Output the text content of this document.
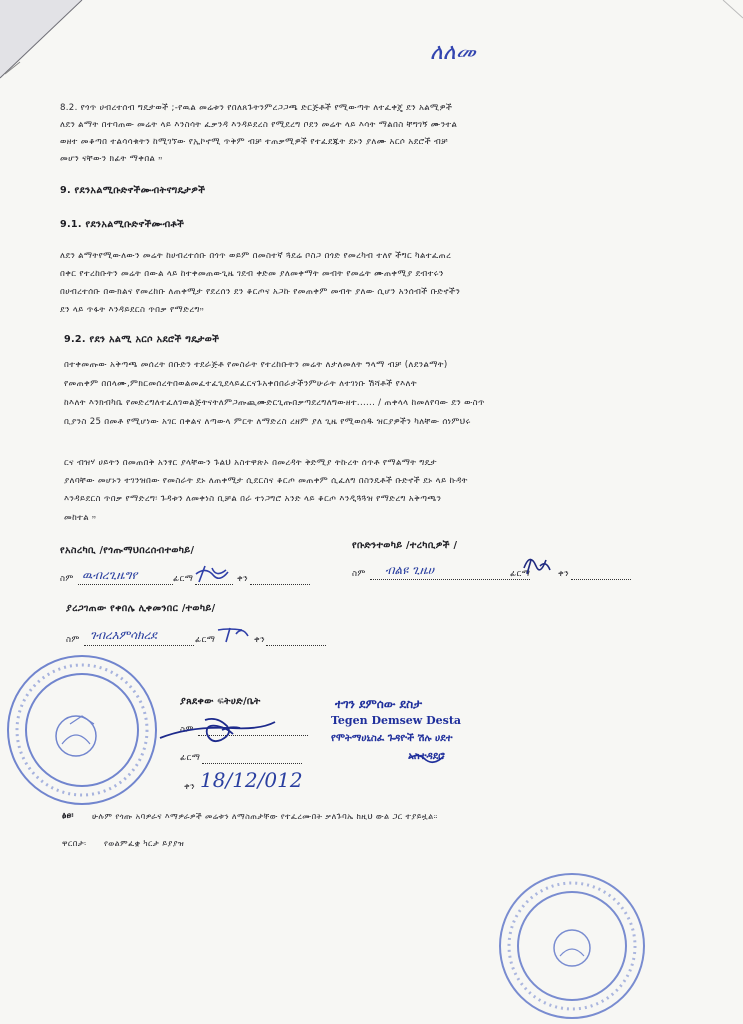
ለለመ
8.2. የጎጥ ሀብረተሰብ ግዴታወች ;-የዉል መሬቱን የበለጸጉትንምረጋጋጫ ድርጅቶች የሚውጣት ለተፈቀጄ ደን አልሚዎች
ለደን ልማት በተባጠው መሬት ላይ እንስሳት ፈቃንዳ እንዳይደረስ የሚደረግ ቦደን መሬት ላይ እሳት ማልበስ ቸግገኝ ሙንተል
ወዘተ መቆጣበ ተልሳሳቁትን ከሚገኘው የኢኮኖሚ ጥቅም ብቻ ተጠቃሚዎች የተፈደጁት ደኑን ያለሙ አርሶ አደሮች ብቻ
መሆን ናቸውን ክፊት ማቀበል ።
9. የደንአልሚቡድኖችሙብትናግዴታዎች
9.1. የደንአልሚቡድኖችሙብቶች
ለደን ልማትየሚውለውን መሬት ከሀብረተሰቡ በጎጥ ወይም በመስተኛ ጓደሬ ቦስጋ በጎድ የመረካብ ተለየ ችግር ካልተፈጠረ
በቀር የተረከቡትን መሬት በውል ላይ ከተቀመጠውጊዜ ገደብ ቀድመ ያለመቀማት መብት የመሬት ሙጠቀሚያ ደብተሩን
በሀብረተሰቡ በውክልና የመረከቡ ለጠቀሚታ የደረሰን ደን ቆርጦና አጋኩ የመጠቀም መብት ያለው ሲሆን አንሰብች ቡድኖችን
ደን ላይ ጥፋት እንዳይደርስ ጥበቃ የማድረግ።
9.2. የደን አልሚ አርሶ አደሮች ግዴታወች
በተቀመጡው አቅጣጫ መሰረት በቡድን ተደራጅቶ የመስራት የተረከቡትን መሬት ለታለመለት ዓላማ ብቻ (ለደንልማት)
የመጠቀም በበላሙ,ምክርመሰረትበወልመፈተፈጊደላይፈርናጉአቀበበራታችንምሁራት ለተገነቡ ሽሻቶች የእለት
ከእለት እንክብካቤ የመድረግለተፈለገወልጅትናትለምጋጡጪሙድርጊጡበቃጣደረግለግውዘተ...... / ጠቀላላ ከመለየባው ደን ውስጥ
ቢያንስ 25 በመቶ የሚሆነው አገር በቀልና ለጣውላ ምርት ለማድረስ ረዘም ያለ ጊዜ የሚወሰዱ ዝርያዎችን ካለቸው ሰነምህሩ
ርና ብዝሃ ሀይትን በመጠበቅ አንፃር ያላቸውን ጉልህ አስተዋጽኦ በመረዳት ቅድሚያ ትኩረት ሰጥቶ የማልማት ግዴታ
ያለባቸው መሆኑን ተገንዝበው የመስራት ደኑ ለጠቀሚታ ሲደርስና ቆርጦ መጠቀም ሲፈለግ በስንዴቶች ቡድኖች ደኑ ላይ ኩዳት
እንዳይደርስ ጥበቃ የማድረግ፡ ጉዳቱን ለመቀነስ ቢቻል በራ ተነጋግሮ አንድ ላይ ቆርጦ እንዲጓጓዝ የማድረግ አቅጣጫን
መከተል ።
የአስረካቢ /የጎጡማህበረሰብተወካይ/	የቡድንተወካይ /ተረካቢዎች /
ስም ዉብረጊዜግየ	ፊርማ	ቀን	ስም ብልዩ ጊዜሀ	ፊርማ	ቀን
ያረጋገጠው የቀበሌ ሊቀመንበር /ተወካይ/
ስም ገብረእምሳክረደ	ፊርማ	ቀን
ያጸደቀው ፍትሀድ/ቤት
ስም
ፊርማ
ቀን 18/12/012
ተገን ደምሰው ደስታ
Tegen Demsew Desta
የሞትማሀኒስፈ ጉዳዮች ሽሉ ሀደተ
አስተዳደሮ
ፅፀ፡ ሁሉም የጎጡ አባዎራና እማዎራዎች መሬቱን ለማስጠታቸው የተፈረሙበት ቃለጉባኤ ከዚህ ውል ጋር ተያይዟል።
ዋርበታ፡ የወልምፈቋ ካርታ ይያያዝ
